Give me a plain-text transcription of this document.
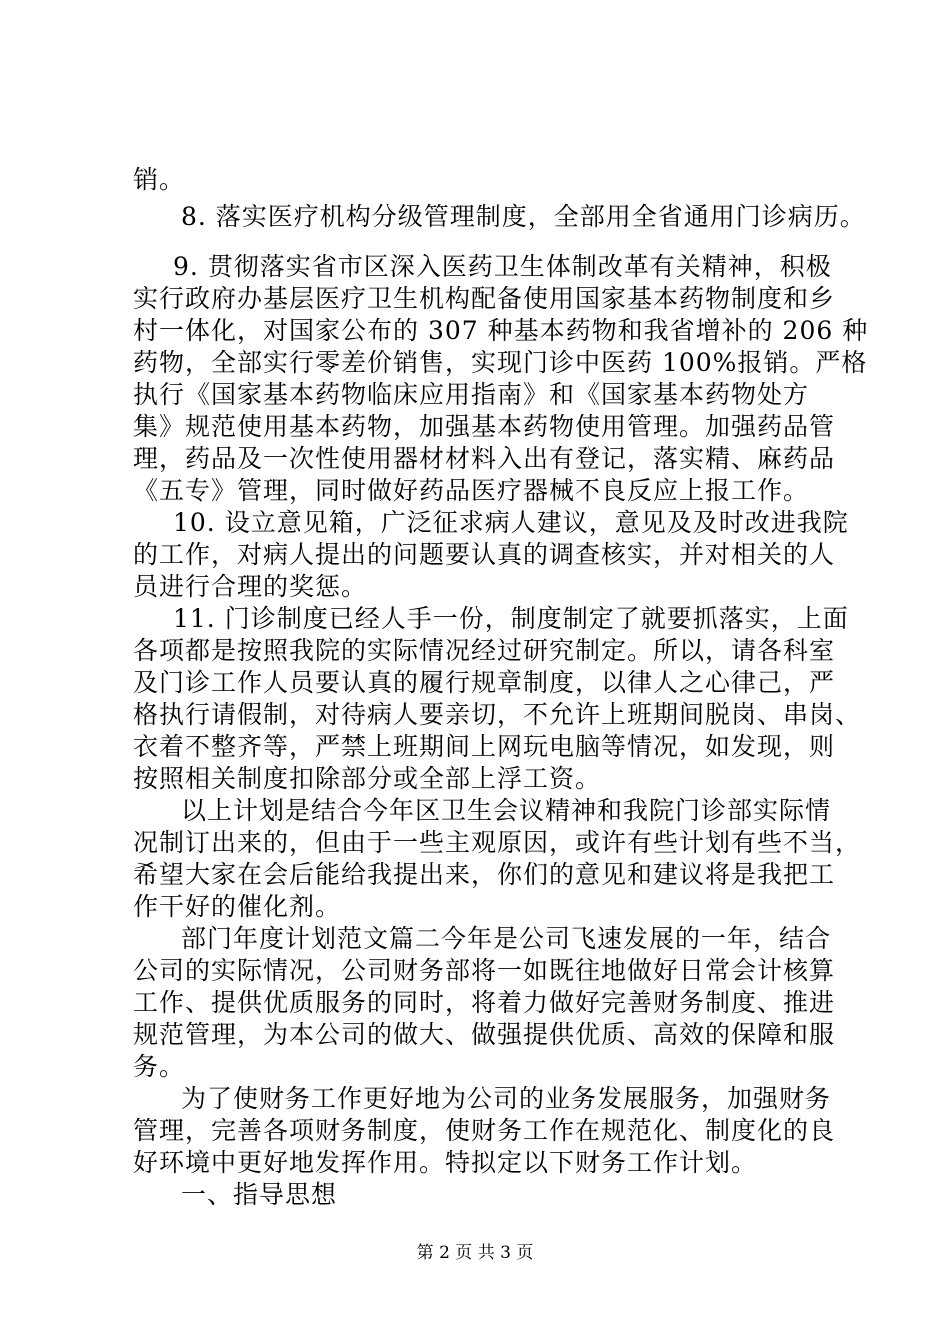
销。
8. 落实医疗机构分级管理制度，全部用全省通用门诊病历。
9. 贯彻落实省市区深入医药卫生体制改革有关精神，积极
实行政府办基层医疗卫生机构配备使用国家基本药物制度和乡
村一体化，对国家公布的 307 种基本药物和我省增补的 206 种
药物，全部实行零差价销售，实现门诊中医药 100%报销。严格
执行《国家基本药物临床应用指南》和《国家基本药物处方
集》规范使用基本药物，加强基本药物使用管理。加强药品管
理，药品及一次性使用器材材料入出有登记，落实精、麻药品
《五专》管理，同时做好药品医疗器械不良反应上报工作。
10. 设立意见箱，广泛征求病人建议，意见及及时改进我院
的工作，对病人提出的问题要认真的调查核实，并对相关的人
员进行合理的奖惩。
11. 门诊制度已经人手一份，制度制定了就要抓落实，上面
各项都是按照我院的实际情况经过研究制定。所以，请各科室
及门诊工作人员要认真的履行规章制度，以律人之心律己，严
格执行请假制，对待病人要亲切，不允许上班期间脱岗、串岗、
衣着不整齐等，严禁上班期间上网玩电脑等情况，如发现，则
按照相关制度扣除部分或全部上浮工资。
以上计划是结合今年区卫生会议精神和我院门诊部实际情
况制订出来的，但由于一些主观原因，或许有些计划有些不当，
希望大家在会后能给我提出来，你们的意见和建议将是我把工
作干好的催化剂。
部门年度计划范文篇二今年是公司飞速发展的一年，结合
公司的实际情况，公司财务部将一如既往地做好日常会计核算
工作、提供优质服务的同时，将着力做好完善财务制度、推进
规范管理，为本公司的做大、做强提供优质、高效的保障和服
务。
为了使财务工作更好地为公司的业务发展服务，加强财务
管理，完善各项财务制度，使财务工作在规范化、制度化的良
好环境中更好地发挥作用。特拟定以下财务工作计划。
一、指导思想
第 2 页 共 3 页
